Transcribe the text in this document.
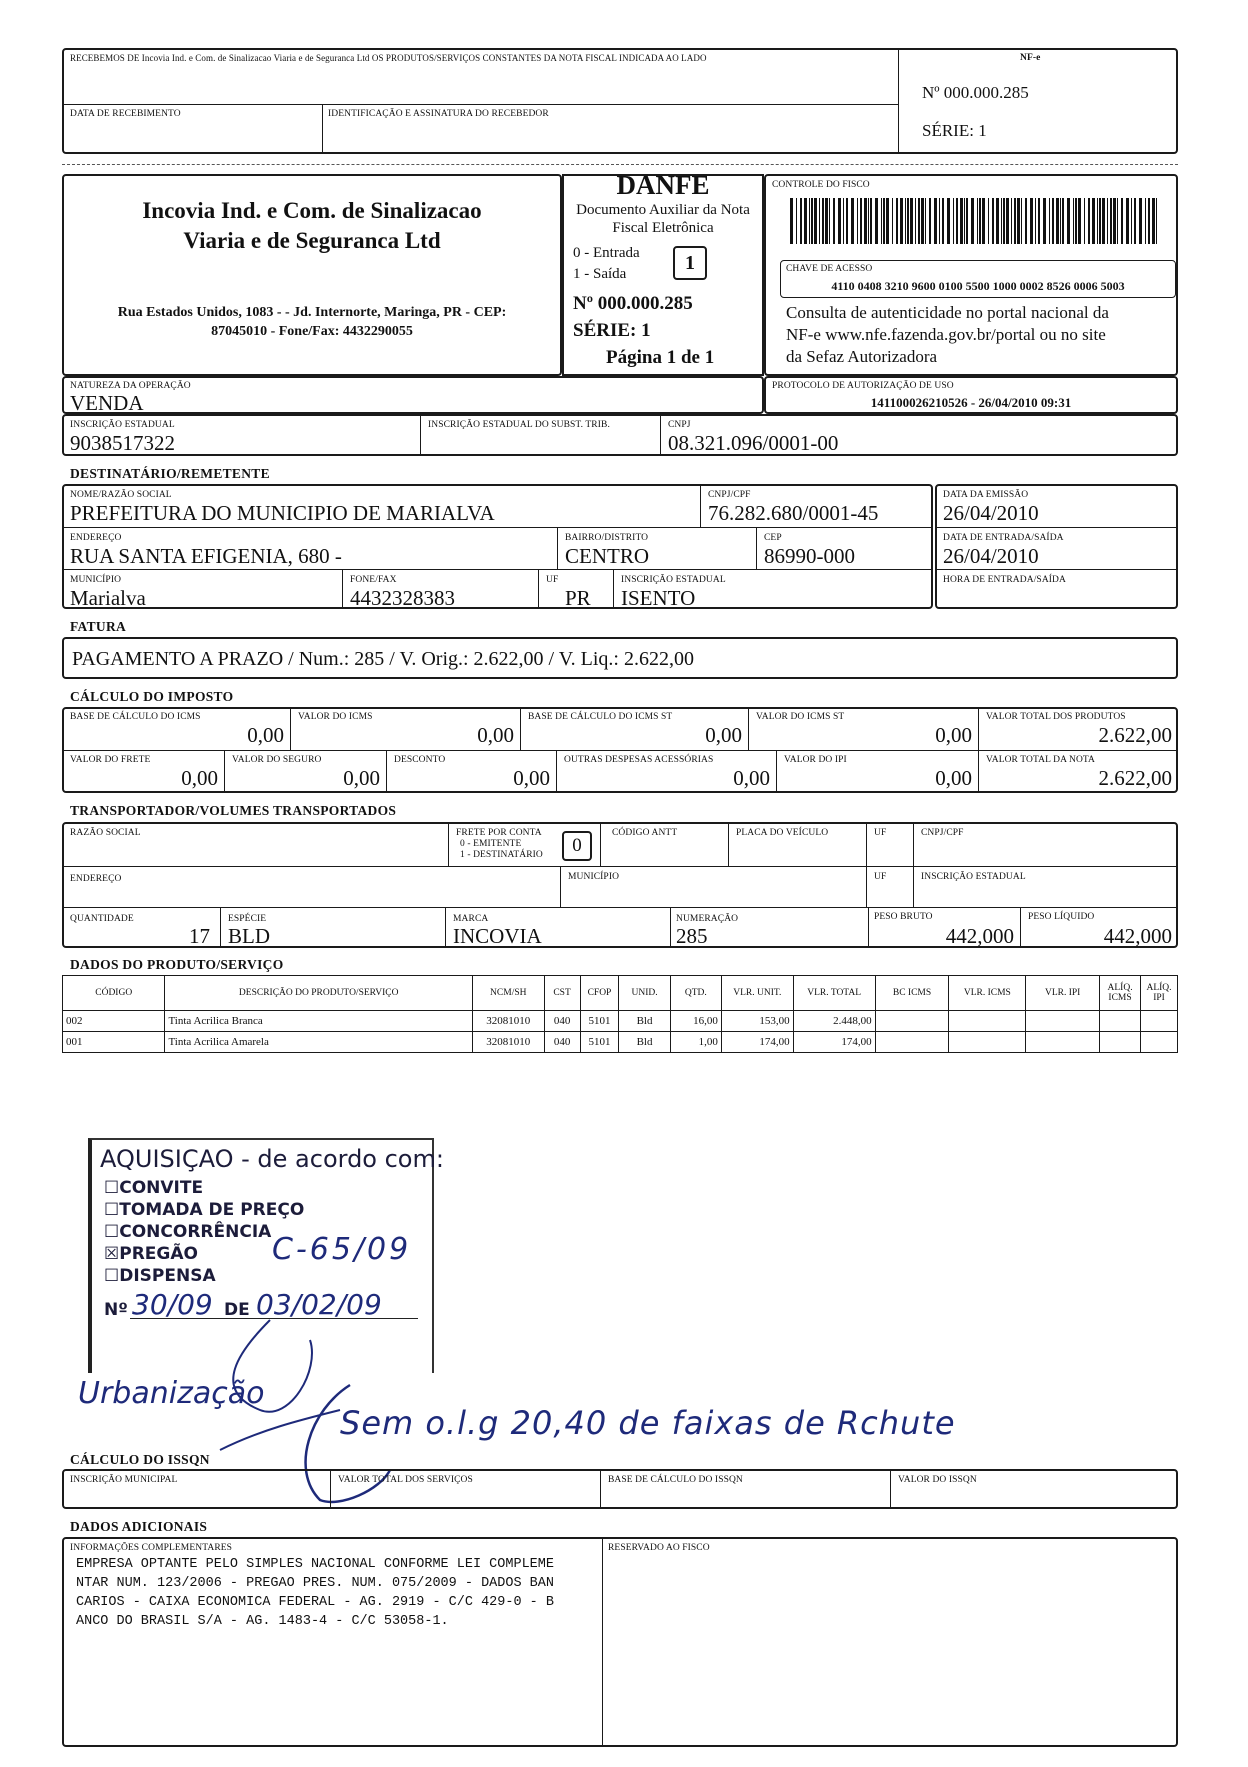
RECEBEMOS DE Incovia Ind. e Com. de Sinalizacao Viaria e de Seguranca Ltd OS PRODUTOS/SERVIÇOS CONSTANTES DA NOTA FISCAL INDICADA AO LADO
DATA DE RECEBIMENTO	IDENTIFICAÇÃO E ASSINATURA DO RECEBEDOR
NF-e
Nº 000.000.285
SÉRIE: 1
Incovia Ind. e Com. de Sinalizacao
Viaria e de Seguranca Ltd
Rua Estados Unidos, 1083 - - Jd. Internorte, Maringa, PR - CEP:
87045010 - Fone/Fax: 4432290055
DANFE
Documento Auxiliar da Nota
Fiscal Eletrônica
0 - Entrada
1 - Saída	1
Nº 000.000.285
SÉRIE: 1
Página 1 de 1
CONTROLE DO FISCO
CHAVE DE ACESSO
4110 0408 3210 9600 0100 5500 1000 0002 8526 0006 5003
Consulta de autenticidade no portal nacional da
NF-e www.nfe.fazenda.gov.br/portal ou no site
da Sefaz Autorizadora
NATUREZA DA OPERAÇÃO
VENDA
PROTOCOLO DE AUTORIZAÇÃO DE USO
141100026210526 - 26/04/2010 09:31
INSCRIÇÃO ESTADUAL
9038517322
INSCRIÇÃO ESTADUAL DO SUBST. TRIB.	CNPJ
08.321.096/0001-00
DESTINATÁRIO/REMETENTE
NOME/RAZÃO SOCIAL
PREFEITURA DO MUNICIPIO DE MARIALVA
CNPJ/CPF
76.282.680/0001-45
ENDEREÇO
RUA SANTA EFIGENIA, 680 -
BAIRRO/DISTRITO
CENTRO
CEP
86990-000
MUNICÍPIO
Marialva
FONE/FAX
4432328383
UF
PR
INSCRIÇÃO ESTADUAL
ISENTO
DATA DA EMISSÃO
26/04/2010
DATA DE ENTRADA/SAÍDA
26/04/2010
HORA DE ENTRADA/SAÍDA
FATURA
PAGAMENTO A PRAZO / Num.: 285 / V. Orig.: 2.622,00 / V. Liq.: 2.622,00
CÁLCULO DO IMPOSTO
BASE DE CÁLCULO DO ICMS
0,00
VALOR DO ICMS
0,00
BASE DE CÁLCULO DO ICMS ST
0,00
VALOR DO ICMS ST
0,00
VALOR TOTAL DOS PRODUTOS
2.622,00
VALOR DO FRETE
0,00
VALOR DO SEGURO
0,00
DESCONTO
0,00
OUTRAS DESPESAS ACESSÓRIAS
0,00
VALOR DO IPI
0,00
VALOR TOTAL DA NOTA
2.622,00
TRANSPORTADOR/VOLUMES TRANSPORTADOS
RAZÃO SOCIAL	FRETE POR CONTA
0 - EMITENTE
1 - DESTINATÁRIO	0
CÓDIGO ANTT	PLACA DO VEÍCULO	UF	CNPJ/CPF
ENDEREÇO	MUNICÍPIO	UF	INSCRIÇÃO ESTADUAL
QUANTIDADE
17
ESPÉCIE
BLD
MARCA
INCOVIA
NUMERAÇÃO
285
PESO BRUTO
442,000
PESO LÍQUIDO
442,000
DADOS DO PRODUTO/SERVIÇO
CÓDIGO	DESCRIÇÃO DO PRODUTO/SERVIÇO	NCM/SH	CST	CFOP	UNID.	QTD.	VLR. UNIT.	VLR. TOTAL	BC ICMS	VLR. ICMS	VLR. IPI	ALÍQ. ICMS	ALÍQ. IPI
002	Tinta Acrilica Branca	32081010	040	5101	Bld	16,00	153,00	2.448,00					
001	Tinta Acrilica Amarela	32081010	040	5101	Bld	1,00	174,00	174,00					
AQUISIÇAO - de acordo com:
☐CONVITE
☐TOMADA DE PREÇO
☐CONCORRÊNCIA
☒PREGÃO
☐DISPENSA
Nº 30/09 DE 03/02/09
C-65/09
Urbanização
Sem o.l.g 20,40 de faixas de Rchute
CÁLCULO DO ISSQN
INSCRIÇÃO MUNICIPAL	VALOR TOTAL DOS SERVIÇOS	BASE DE CÁLCULO DO ISSQN	VALOR DO ISSQN
DADOS ADICIONAIS
INFORMAÇÕES COMPLEMENTARES
EMPRESA OPTANTE PELO SIMPLES NACIONAL CONFORME LEI COMPLEME
NTAR NUM. 123/2006 - PREGAO PRES. NUM. 075/2009 - DADOS BAN
CARIOS - CAIXA ECONOMICA FEDERAL - AG. 2919 - C/C 429-0 - B
ANCO DO BRASIL S/A - AG. 1483-4 - C/C 53058-1.
RESERVADO AO FISCO
